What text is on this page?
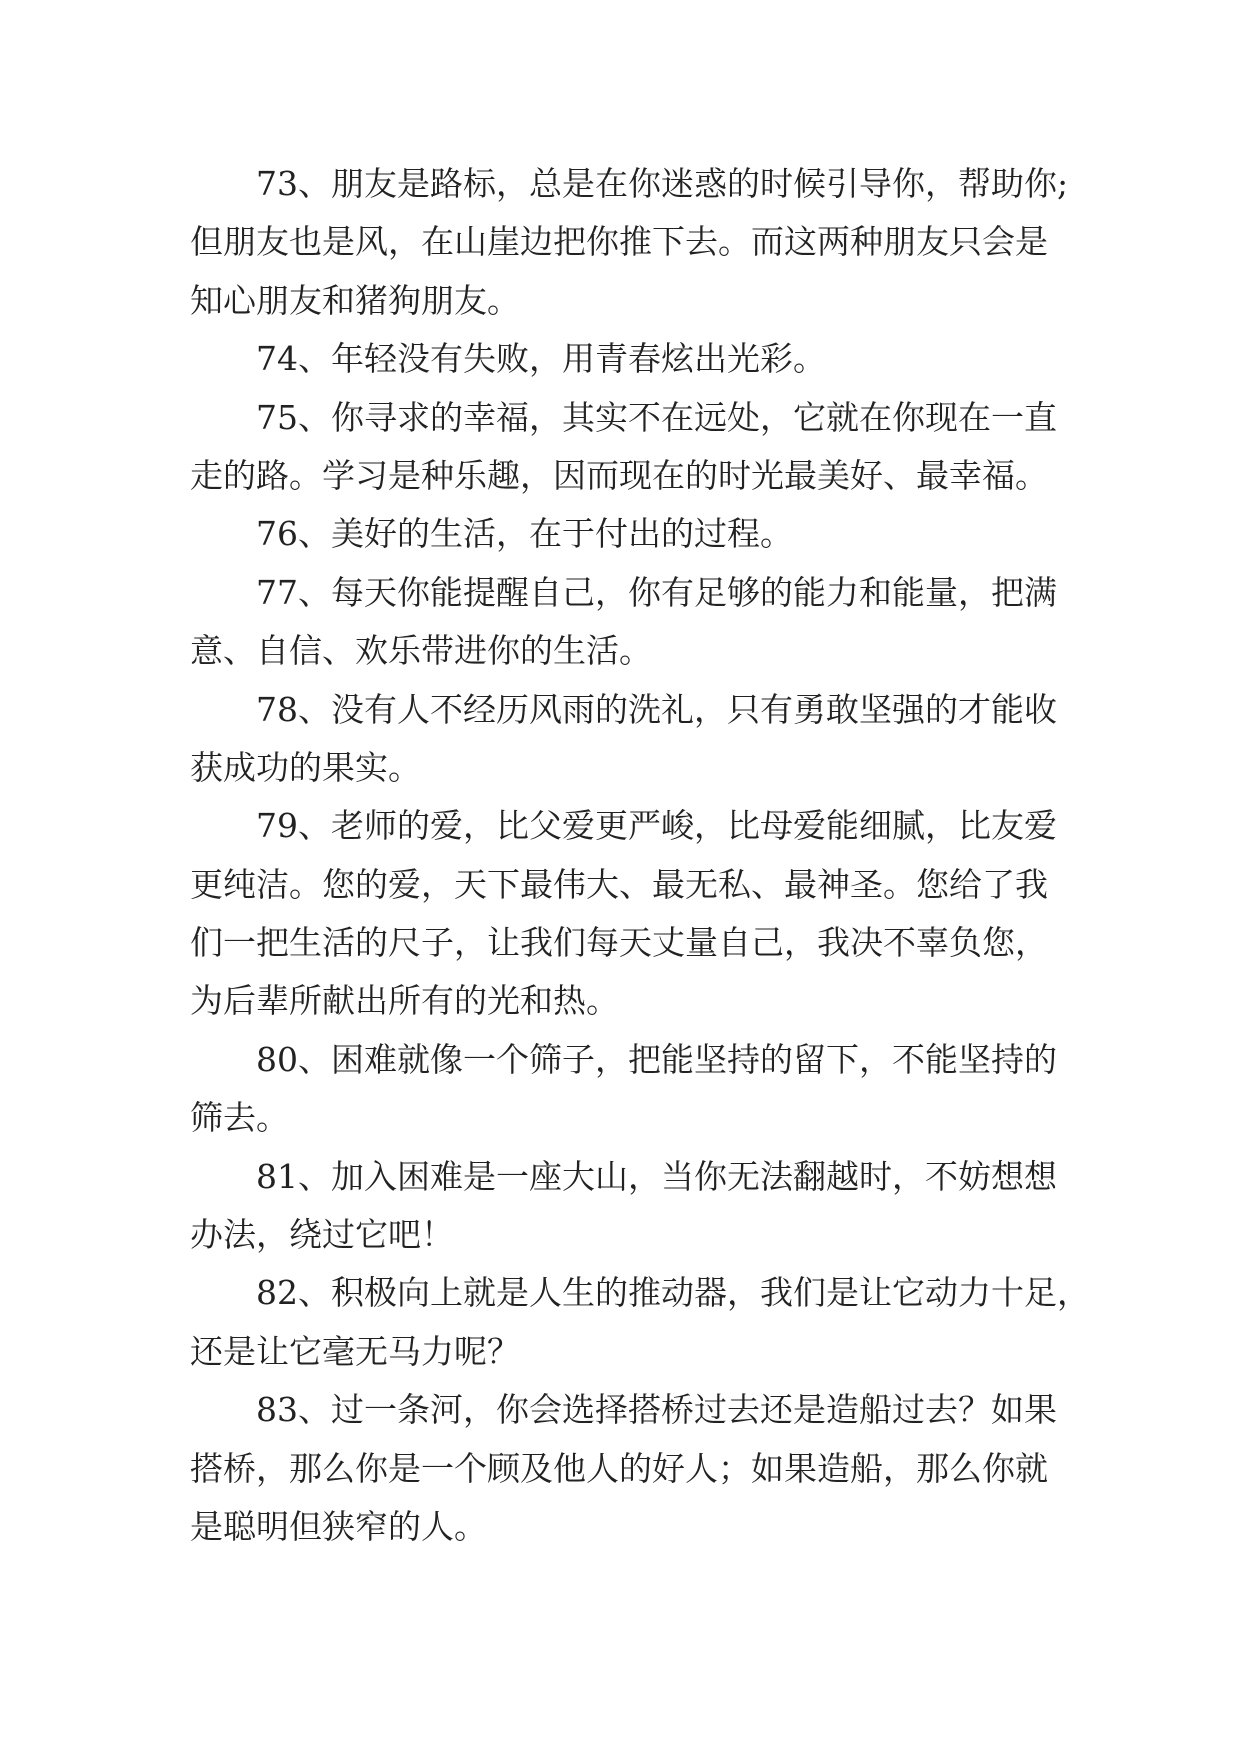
73、朋友是路标，总是在你迷惑的时候引导你，帮助你;
但朋友也是风，在山崖边把你推下去。而这两种朋友只会是
知心朋友和猪狗朋友。
74、年轻没有失败，用青春炫出光彩。
75、你寻求的幸福，其实不在远处，它就在你现在一直
走的路。学习是种乐趣，因而现在的时光最美好、最幸福。
76、美好的生活，在于付出的过程。
77、每天你能提醒自己，你有足够的能力和能量，把满
意、自信、欢乐带进你的生活。
78、没有人不经历风雨的洗礼，只有勇敢坚强的才能收
获成功的果实。
79、老师的爱，比父爱更严峻，比母爱能细腻，比友爱
更纯洁。您的爱，天下最伟大、最无私、最神圣。您给了我
们一把生活的尺子，让我们每天丈量自己，我决不辜负您，
为后辈所献出所有的光和热。
80、困难就像一个筛子，把能坚持的留下，不能坚持的
筛去。
81、加入困难是一座大山，当你无法翻越时，不妨想想
办法，绕过它吧！
82、积极向上就是人生的推动器，我们是让它动力十足，
还是让它毫无马力呢？
83、过一条河，你会选择搭桥过去还是造船过去？如果
搭桥，那么你是一个顾及他人的好人；如果造船，那么你就
是聪明但狭窄的人。
